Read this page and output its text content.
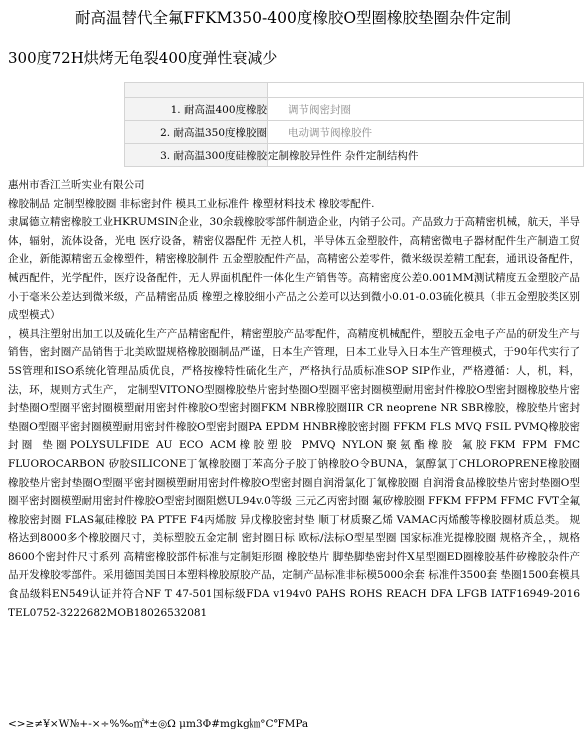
耐高温替代全氟FFKM350-400度橡胶O型圈橡胶垫圈杂件定制
300度72H烘烤无龟裂400度弹性衰减少

1. 耐高温400度橡胶	调节阀密封圈
2. 耐高温350度橡胶圈	电动调节阀橡胶件
3. 耐高温300度硅橡胶	定制橡胶异性件 杂件定制结构件

惠州市香江兰昕实业有限公司

橡胶制品 定制型橡胶圈 非标密封件 模具工业标准件 橡塑材料技术 橡胶零配件.

隶属德立精密橡胶工业HKRUMSIN企业，30余载橡胶零部件制造企业，内销子公司。产品致力于高精密机械，航天，半导体，辐射，流体设备，光电 医疗设备，精密仪器配件 无控人机，半导体五金塑胶件，高精密微电子器材配件生产制造工贸企业，新能源精密五金橡塑件，精密橡胶制件 五金塑胶配件产品，高精密公差零件，微米级误差精工配套，通讯设备配件，械西配件，光学配件，医疗设备配件，无人界面机配件一体化生产销售等。高精密度公差0.001MM测试精度五金塑胶产品小于毫米公差达到微米级，产品精密品质 橡塑之橡胶细小产品之公差可以达到微小0.01-0.03硫化模具（非五金塑胶类区别成型模式）

，模具注塑射出加工以及硫化生产产品精密配件，精密塑胶产品零配件，高精度机械配件，塑胶五金电子产品的研发生产与销售，密封圈产品销售于北美欧盟规格橡胶圈制品严谨，日本生产管理，日本工业导入日本生产管理模式，于90年代实行了5S管理和ISO系统化管理品质优良，严格按橡特性硫化生产，严格执行品质标准SOP SIP作业，严格遵循：人，机，料，法，环，规则方式生产， 定制型VITONO型圈橡胶垫片密封垫圈O型圈平密封圈模塑耐用密封件橡胶O型密封圈橡胶垫片密封垫圈O型圈平密封圈模塑耐用密封件橡胶O型密封圈FKM NBR橡胶圈IIR CR neoprene NR SBR橡胶，橡胶垫片密封垫圈O型圈平密封圈模塑耐用密封件橡胶O型密封圈PA EPDM HNBR橡胶密封圈 FFKM FLS MVQ FSIL PVMQ橡胶密封圈 垫圈POLYSULFIDE AU ECO ACM橡胶塑胶 PMVQ NYLON聚氨酯橡胶 氟胶FKM FPM FMC FLUOROCARBON 矽胶SILICONE丁氰橡胶圈丁苯高分子胶丁钠橡胶O令BUNA，氯醇氯丁CHLOROPRENE橡胶圈 橡胶垫片密封垫圈O型圈平密封圈模塑耐用密封件橡胶O型密封圈自润滑氯化丁氰橡胶圈 自润滑食品橡胶垫片密封垫圈O型圈平密封圈模塑耐用密封件橡胶O型密封圈阻燃UL94v.0等级 三元乙丙密封圈 氟矽橡胶圈 FFKM FFPM FFMC FVT全氟橡胶密封圈 FLAS氟硅橡胶 PA PTFE F4丙烯胺 异戊橡胶密封垫 顺丁材质聚乙烯 VAMAC丙烯酸等橡胶圈材质总类。 规格达到8000多个橡胶圈尺寸，美标塑胶五金定制 密封圈日标 欧标/法标O型星型圈 国家标准光提橡胶圈 规格齐全，，规格8600个密封件尺寸系列 高精密橡胶部件标准与定制矩形圈 橡胶垫片 脚垫脚垫密封件X星型圈ED圈橡胶基件矽橡胶杂件产品开发橡胶零部件。采用德国美国日本塑料橡胶原胶产品，定制产品标准非标模5000余套 标准件3500套 垫圈1500套模具食品级料EN549认证并符合NF T 47-501国标级FDA v194v0 PAHS ROHS REACH DFA LFGB IATF16949-2016 TEL0752-3222682MOB18026532081

<>≥≠¥×W№+-×÷%‰㎡*±◎Ω μm3Φ#mgkg㎞°C℉MPa
